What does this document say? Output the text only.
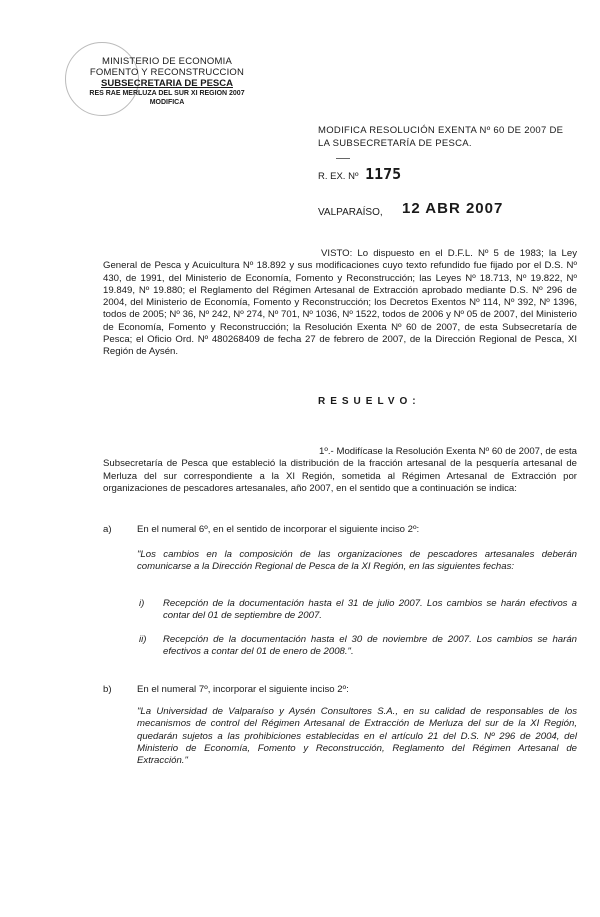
MINISTERIO DE ECONOMIA
FOMENTO Y RECONSTRUCCION
SUBSECRETARIA DE PESCA
RES RAE MERLUZA DEL SUR XI REGION 2007
MODIFICA
MODIFICA RESOLUCIÓN EXENTA Nº 60 DE 2007 DE LA SUBSECRETARÍA DE PESCA.
R. EX. Nº 1175
VALPARAÍSO, 12 ABR 2007
VISTO: Lo dispuesto en el D.F.L. Nº 5 de 1983; la Ley General de Pesca y Acuicultura Nº 18.892 y sus modificaciones cuyo texto refundido fue fijado por el D.S. Nº 430, de 1991, del Ministerio de Economía, Fomento y Reconstrucción; las Leyes Nº 18.713, Nº 19.822, Nº 19.849, Nº 19.880; el Reglamento del Régimen Artesanal de Extracción aprobado mediante D.S. Nº 296 de 2004, del Ministerio de Economía, Fomento y Reconstrucción; los Decretos Exentos Nº 114, Nº 392, Nº 1396, todos de 2005; Nº 36, Nº 242, Nº 274, Nº 701, Nº 1036, Nº 1522, todos de 2006 y Nº 05 de 2007, del Ministerio de Economía, Fomento y Reconstrucción; la Resolución Exenta Nº 60 de 2007, de esta Subsecretaría de Pesca; el Oficio Ord. Nº 480268409 de fecha 27 de febrero de 2007, de la Dirección Regional de Pesca, XI Región de Aysén.
RESUELVO:
1º.- Modifícase la Resolución Exenta Nº 60 de 2007, de esta Subsecretaría de Pesca que estableció la distribución de la fracción artesanal de la pesquería artesanal de Merluza del sur correspondiente a la XI Región, sometida al Régimen Artesanal de Extracción por organizaciones de pescadores artesanales, año 2007, en el sentido que a continuación se indica:
a)	En el numeral 6º, en el sentido de incorporar el siguiente inciso 2º:
"Los cambios en la composición de las organizaciones de pescadores artesanales deberán comunicarse a la Dirección Regional de Pesca de la XI Región, en las siguientes fechas:
i) Recepción de la documentación hasta el 31 de julio 2007. Los cambios se harán efectivos a contar del 01 de septiembre de 2007.
ii) Recepción de la documentación hasta el 30 de noviembre de 2007. Los cambios se harán efectivos a contar del 01 de enero de 2008.".
b)	En el numeral 7º, incorporar el siguiente inciso 2º:
"La Universidad de Valparaíso y Aysén Consultores S.A., en su calidad de responsables de los mecanismos de control del Régimen Artesanal de Extracción de Merluza del sur de la XI Región, quedarán sujetos a las prohibiciones establecidas en el artículo 21 del D.S. Nº 296 de 2004, del Ministerio de Economía, Fomento y Reconstrucción, Reglamento del Régimen Artesanal de Extracción."
